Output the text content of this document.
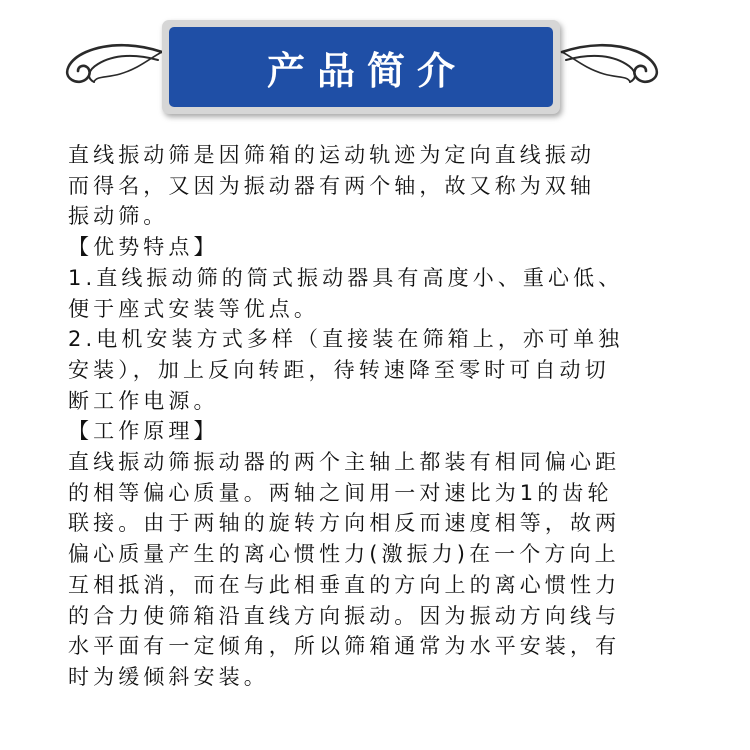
产品简介

直线振动筛是因筛箱的运动轨迹为定向直线振动
而得名，又因为振动器有两个轴，故又称为双轴
振动筛。

【优势特点】

1.直线振动筛的筒式振动器具有高度小、重心低、
便于座式安装等优点。

2.电机安装方式多样（直接装在筛箱上，亦可单独
安装），加上反向转距，待转速降至零时可自动切
断工作电源。

【工作原理】

直线振动筛振动器的两个主轴上都装有相同偏心距
的相等偏心质量。两轴之间用一对速比为1的齿轮
联接。由于两轴的旋转方向相反而速度相等，故两
偏心质量产生的离心惯性力(激振力)在一个方向上
互相抵消，而在与此相垂直的方向上的离心惯性力
的合力使筛箱沿直线方向振动。因为振动方向线与
水平面有一定倾角，所以筛箱通常为水平安装，有
时为缓倾斜安装。
